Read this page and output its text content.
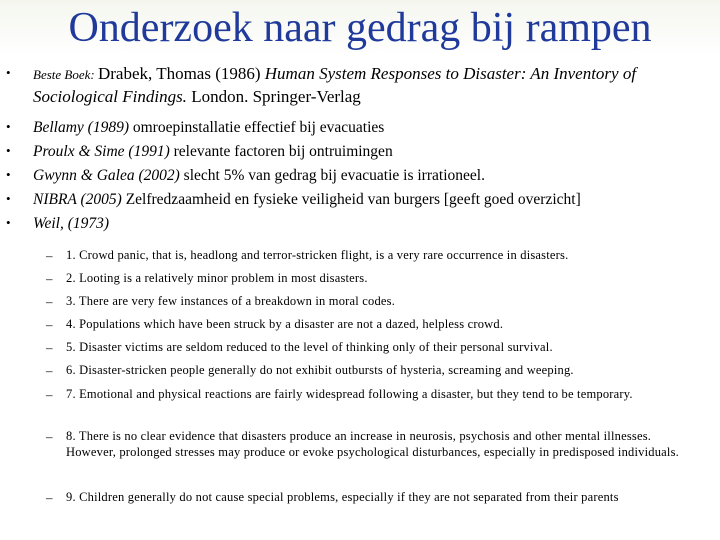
Onderzoek naar gedrag bij rampen
• Beste Boek: Drabek, Thomas (1986) Human System Responses to Disaster: An Inventory of Sociological Findings. London. Springer-Verlag
• Bellamy (1989) omroepinstallatie effectief bij evacuaties
• Proulx & Sime (1991) relevante factoren bij ontruimingen
• Gwynn & Galea (2002) slecht 5% van gedrag bij evacuatie is irrationeel.
• NIBRA (2005) Zelfredzaamheid en fysieke veiligheid van burgers [geeft goed overzicht]
• Weil, (1973)
– 1. Crowd panic, that is, headlong and terror-stricken flight, is a very rare occurrence in disasters.
– 2. Looting is a relatively minor problem in most disasters.
– 3. There are very few instances of a breakdown in moral codes.
– 4. Populations which have been struck by a disaster are not a dazed, helpless crowd.
– 5. Disaster victims are seldom reduced to the level of thinking only of their personal survival.
– 6. Disaster-stricken people generally do not exhibit outbursts of hysteria, screaming and weeping.
– 7. Emotional and physical reactions are fairly widespread following a disaster, but they tend to be temporary.
– 8. There is no clear evidence that disasters produce an increase in neurosis, psychosis and other mental illnesses. However, prolonged stresses may produce or evoke psychological disturbances, especially in predisposed individuals.
– 9. Children generally do not cause special problems, especially if they are not separated from their parents
